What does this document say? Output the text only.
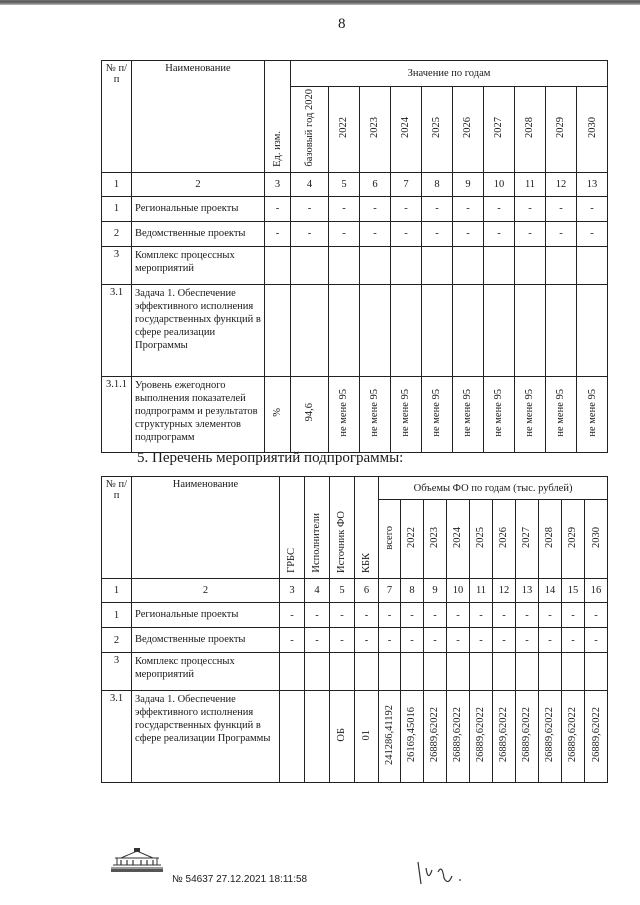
8
№ п/п	Наименование	Ед. изм.	Значение по годам									
			базовый год 2020	2022	2023	2024	2025	2026	2027	2028	2029	2030
1	2	3	4	5	6	7	8	9	10	11	12	13
1	Региональные проекты	-	-	-	-	-	-	-	-	-	-	-
2	Ведомственные проекты	-	-	-	-	-	-	-	-	-	-	-
3	Комплекс процессных мероприятий											
3.1	Задача 1. Обеспечение эффективного исполнения государственных функций в сфере реализации Программы											
3.1.1	Уровень ежегодного выполнения показателей подпрограмм и результатов структурных элементов подпрограмм	%	94,6	не мене 95	не мене 95	не мене 95	не мене 95	не мене 95	не мене 95	не мене 95	не мене 95	не мене 95
5. Перечень мероприятий подпрограммы:
№ п/п	Наименование	ГРБС	Исполнители	Источник ФО	КБК	Объемы ФО по годам (тыс. рублей)									
						всего	2022	2023	2024	2025	2026	2027	2028	2029	2030
1	2	3	4	5	6	7	8	9	10	11	12	13	14	15	16
1	Региональные проекты	-	-	-	-	-	-	-	-	-	-	-	-	-	-
2	Ведомственные проекты	-	-	-	-	-	-	-	-	-	-	-	-	-	-
3	Комплекс процессных мероприятий														
3.1	Задача 1. Обеспечение эффективного исполнения государственных функций в сфере реализации Программы			ОБ	01	241286,41192	26169,45016	26889,62022	26889,62022	26889,62022	26889,62022	26889,62022	26889,62022	26889,62022	26889,62022
№ 54637 27.12.2021 18:11:58
